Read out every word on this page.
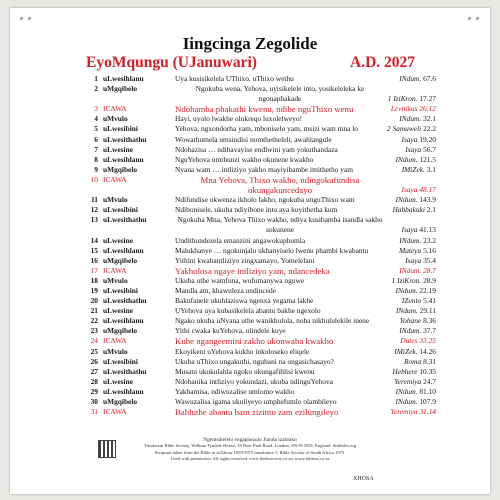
Iingcinga Zegolide
EyoMqungu (UJanuwari)	A.D. 2027
1 uLwesihlanu	Uya kusisikelela UThixo, uThixo wethu	INdum. 67.6
2 uMgqibelo	Ngokuba wena, Yehova, uyisikelele into, yosikeleleka ke ngonaphakade	1 IziKron. 17.27
3 ICAWA	Ndohamba phakathi kwenu, ndibe nguThixo wenu	Levitikus 26.12
4 uMvulo	Hayi, uyolo lwakhe olukreqo luxolelweyo!	INdum. 32.1
5 uLwesibini	Yehova, ngxondorha yam, mboniselo yam, msizi wam mna lo	2 Samuweli 22.2
6 uLwesithathu	Wowathumela umsindisi nomthetheleli, awahlangule	Isaya 19.20
7 uLwesine	Ndobazisa … ndibavayise endlwini yam yokuthandaza	Isaya 56.7
8 uLwesihlanu	NguYehova umthunzi wakho okunene kwakho	INdum. 121.5
9 uMgqibelo	Nyana wam … intliziyo yakho mayiyibambe imithetho yam	IMiZek. 3.1
10 ICAWA	Mna Yehova, Thixo wakho, ndingokufundisa okungakuncedayo	Isaya 48.17
11 uMvulo	Ndifundise ukwenza ikholo lakho, ngokuba unguThixo wam	INdum. 143.9
12 uLwesibini	Ndibonisele, ukuba ndiyibone into aya kuyithetha kum	Habbakuki 2.1
13 uLwesithathu	Ngokuba Mna, Yehova Thixo wakho, ndiya kusibamba isandla sakho sokunene	Isaya 41.13
14 uLwesine	Undithundezela emanzini angawokuphumla	INdum. 23.2
15 uLwesihlanu	Malukhanye … ngokunjalo ukhanyiselo lwenu phambi kwabantu	Mateyu 5.16
16 uMgqibelo	Yithini kwabantliziyo zingxamayo, Yomelelani	Isaya 35.4
17 ICAWA	Yakholosa ngaye intliziyo yam, ndancedeka	INdum. 28.7
18 uMvulo	Ukuba uthe wamfuna, wofumanywa nguwe	1 IziKron. 28.9
19 uLwesibini	Mandla am, khawuleza undincede	INdum. 22.19
20 uLwesithathu	Bakufanele ukuhlaziswa ngenxa yegama lakhe	IZento 5.41
21 uLwesine	UYehova uya kubasikelela abantu bakhe ngexolo	INdum. 29.11
22 uLwesihlanu	Ngako ukuba uNyana uthe wanikhulula, noba nikhululekile inene	Yohane 8.36
23 uMgqibelo	Yithi cwaka kuYehova, ulindele kuye	INdum. 37.7
24 ICAWA	Kube ngangeemini zakho ukonwaba kwakho	Dutes 33.25
25 uMvulo	Ekoyikeni uYehova kukho inkoloseko eliqele	IMiZek. 14.26
26 uLwesibini	Ukuba uThixo ungakuthi, ngubani na ongasichasayo?	Roma 8.31
27 uLwesithathu	Musani ukukulahla ngoko ukungafihlisi kwenu	Hebhere 10.35
28 uLwesine	Ndobanika intliziyo yokundazi, ukuba ndinguYehova	Yeremiya 24.7
29 uLwesihlanu	Yakhamisa, ndiwuzalise umlomo wakho	INdum. 81.10
30 uMgqibelo	Wawuzalisa igama ukuliyeyo umphefumlo olambileyo	INdum. 107.9
31 ICAWA	Bahluthe abantu bam zizinto zam ezilungileyo	Yeremiya 31.14
Ngentsikelelo engaphezulu Jlanda izahluko
Trinitarian Bible Society, William Tyndale House, 29 Deer Park Road, London, SW19 3NN, England. tbsbibles.org
Scripture taken from the Bible in isiXhosa 1859/1975 translation © Bible Society of South Africa 1975.
Used with permission. All rights reserved. www.biblesociety.co.za, www.biblesa.co.za
XHOSA
